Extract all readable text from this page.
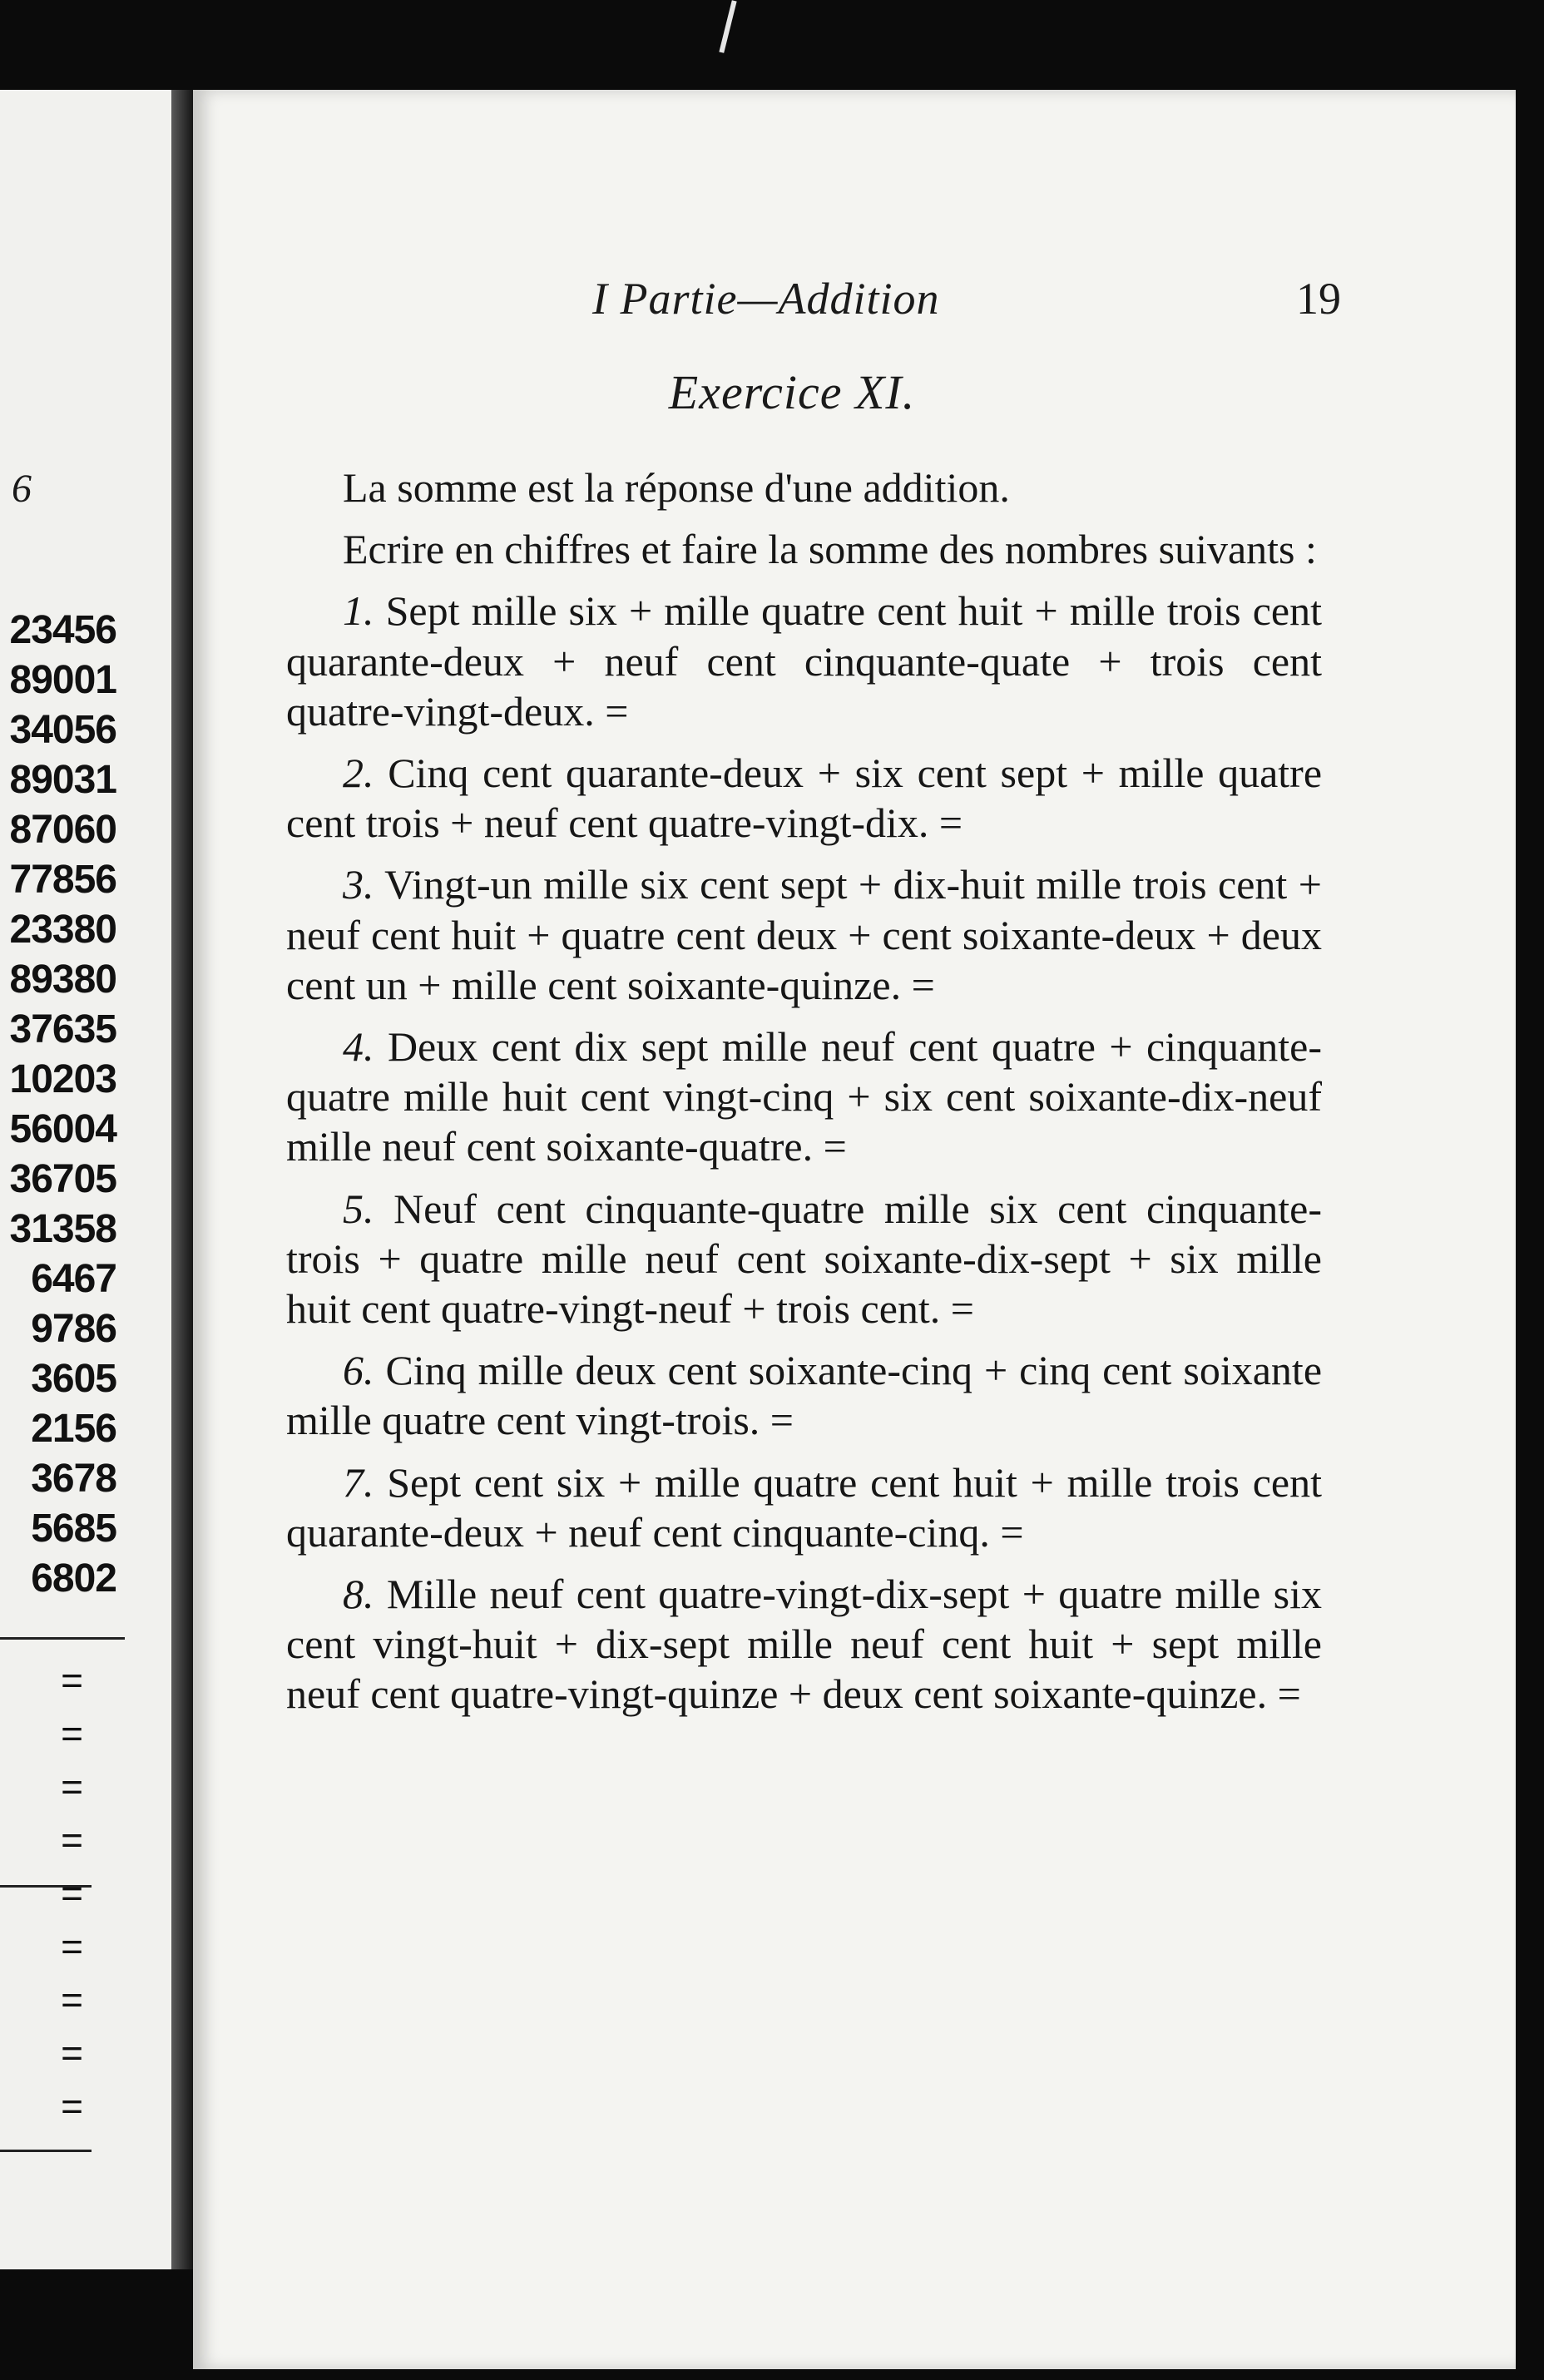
6
23456
89001
34056
89031
87060
77856
23380
89380
37635
10203
56004
36705
31358
6467
9786
3605
2156
3678
5685
6802
=
=
=
=
=
=
=
=
=
I Partie—Addition	19
Exercice XI.

La somme est la réponse d'une addition.

Ecrire en chiffres et faire la somme des nombres suivants :

1. Sept mille six + mille quatre cent huit + mille trois cent quarante-deux + neuf cent cinquante-quate + trois cent quatre-vingt-deux. =

2. Cinq cent quarante-deux + six cent sept + mille quatre cent trois + neuf cent quatre-vingt-dix. =

3. Vingt-un mille six cent sept + dix-huit mille trois cent + neuf cent huit + quatre cent deux + cent soixante-deux + deux cent un + mille cent soixante-quinze. =

4. Deux cent dix sept mille neuf cent quatre + cinquante-quatre mille huit cent vingt-cinq + six cent soixante-dix-neuf mille neuf cent soixante-quatre. =

5. Neuf cent cinquante-quatre mille six cent cinquante-trois + quatre mille neuf cent soixante-dix-sept + six mille huit cent quatre-vingt-neuf + trois cent. =

6. Cinq mille deux cent soixante-cinq + cinq cent soixante mille quatre cent vingt-trois. =

7. Sept cent six + mille quatre cent huit + mille trois cent quarante-deux + neuf cent cinquante-cinq. =

8. Mille neuf cent quatre-vingt-dix-sept + quatre mille six cent vingt-huit + dix-sept mille neuf cent huit + sept mille neuf cent quatre-vingt-quinze + deux cent soixante-quinze. =
